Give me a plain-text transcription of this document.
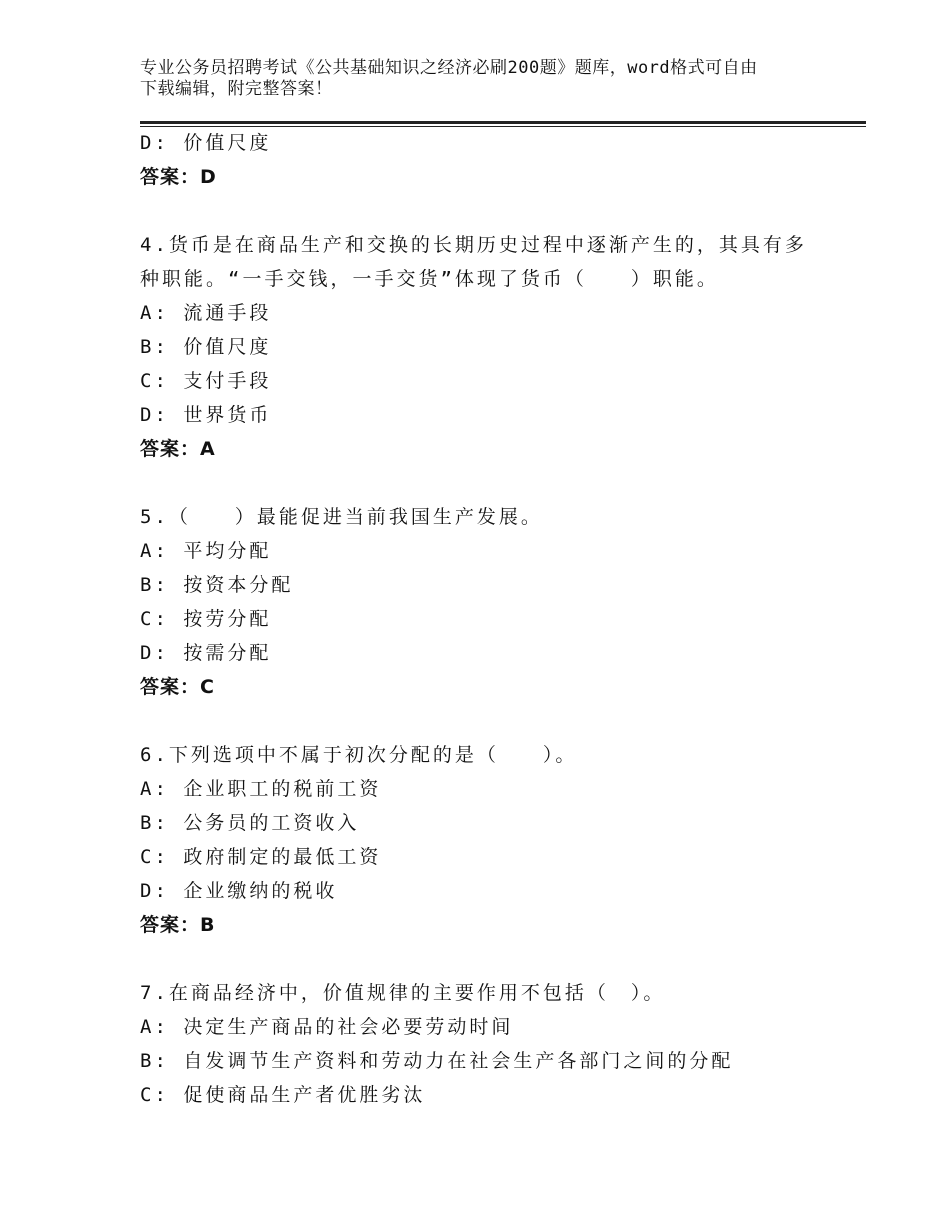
专业公务员招聘考试《公共基础知识之经济必刷200题》题库，word格式可自由
下载编辑，附完整答案！
D: 价值尺度
答案：D
4.货币是在商品生产和交换的长期历史过程中逐渐产生的，其具有多
种职能。“一手交钱，一手交货”体现了货币（　　）职能。
A: 流通手段
B: 价值尺度
C: 支付手段
D: 世界货币
答案：A
5.（　　）最能促进当前我国生产发展。
A: 平均分配
B: 按资本分配
C: 按劳分配
D: 按需分配
答案：C
6.下列选项中不属于初次分配的是（　　）。
A: 企业职工的税前工资
B: 公务员的工资收入
C: 政府制定的最低工资
D: 企业缴纳的税收
答案：B
7.在商品经济中，价值规律的主要作用不包括（　）。
A: 决定生产商品的社会必要劳动时间
B: 自发调节生产资料和劳动力在社会生产各部门之间的分配
C: 促使商品生产者优胜劣汰
